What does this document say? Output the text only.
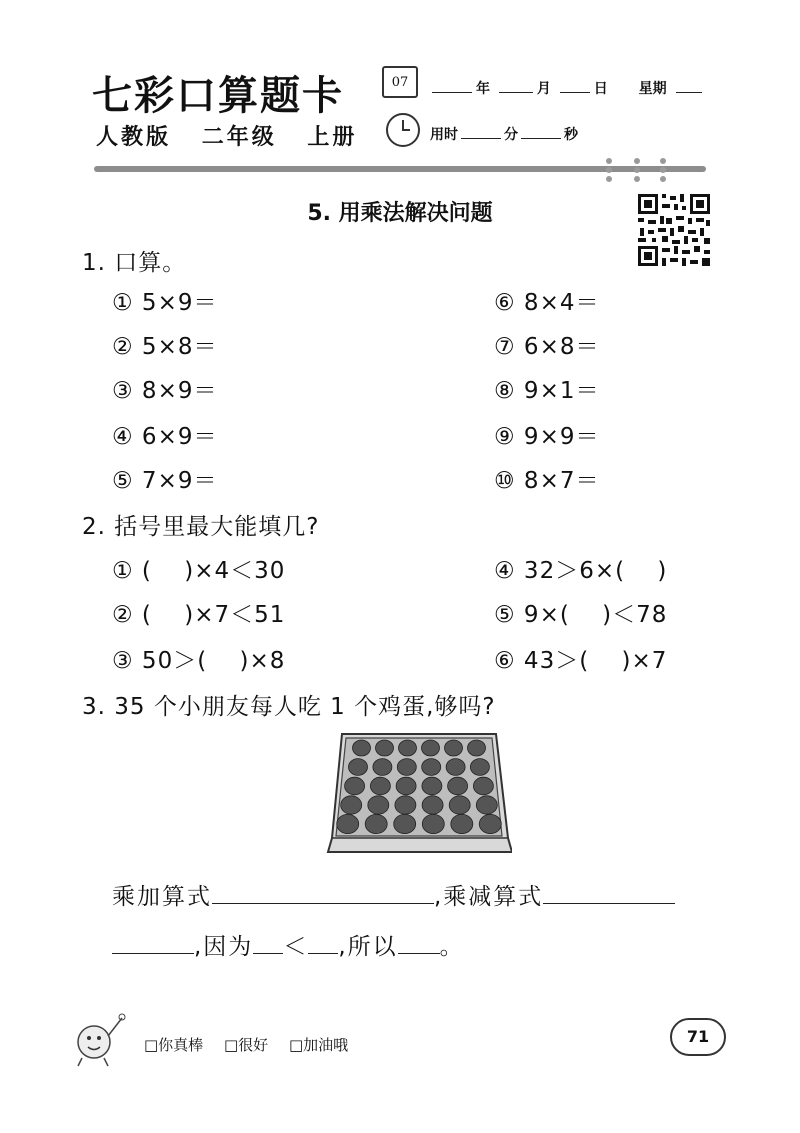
七彩口算题卡
人教版 二年级 上册
07	年	月	日 星期
用时	分	秒
5. 用乘法解决问题
1. 口算。
① 5×9＝
② 5×8＝
③ 8×9＝
④ 6×9＝
⑤ 7×9＝
⑥ 8×4＝
⑦ 6×8＝
⑧ 9×1＝
⑨ 9×9＝
⑩ 8×7＝
2. 括号里最大能填几?
① (　 )×4＜30
② (　 )×7＜51
③ 50＞(　 )×8
④ 32＞6×(　 )
⑤ 9×(　 )＜78
⑥ 43＞(　 )×7
3. 35 个小朋友每人吃 1 个鸡蛋,够吗?
乘加算式	,乘减算式
,因为 ＜ ,所以 。
□你真棒 □很好 □加油哦	71
